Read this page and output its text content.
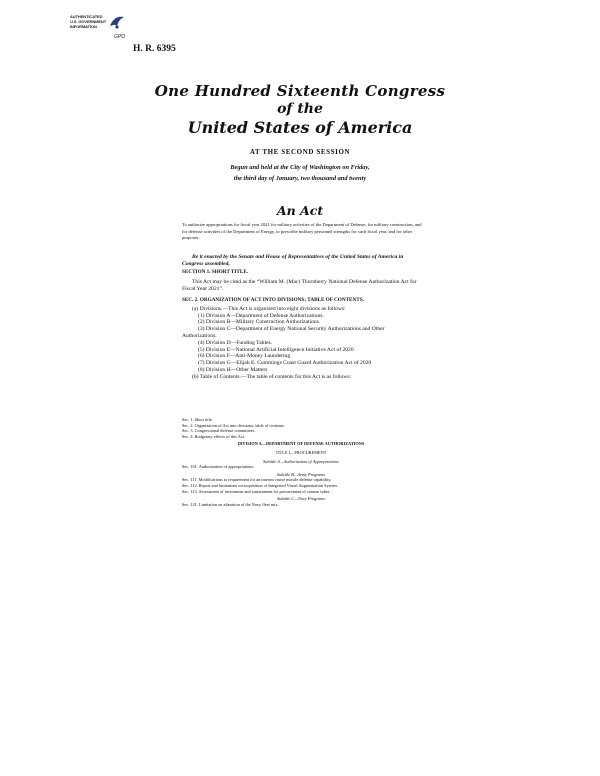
AUTHENTICATED
U.S. GOVERNMENT
INFORMATION
GPO
H. R. 6395
One Hundred Sixteenth Congress
of the
United States of America
AT THE SECOND SESSION
Begun and held at the City of Washington on Friday,
the third day of January, two thousand and twenty
An Act
To authorize appropriations for fiscal year 2021 for military activities of the Department of Defense, for military construction, and for defense activities of the Department of Energy, to prescribe military personnel strengths for such fiscal year, and for other purposes.
Be it enacted by the Senate and House of Representatives of the United States of America in Congress assembled,
SECTION 1. SHORT TITLE.
This Act may be cited as the “William M. (Mac) Thornberry National Defense Authorization Act for Fiscal Year 2021”.
SEC. 2. ORGANIZATION OF ACT INTO DIVISIONS; TABLE OF CONTENTS.
(a) Divisions.—This Act is organized into eight divisions as follows:
(1) Division A—Department of Defense Authorizations.
(2) Division B—Military Construction Authorizations.
(3) Division C—Department of Energy National Security Authorizations and Other Authorizations.
(4) Division D—Funding Tables.
(5) Division E—National Artificial Intelligence Initiative Act of 2020
(6) Division F—Anti-Money Laundering
(7) Division G—Elijah E. Cummings Coast Guard Authorization Act of 2020
(8) Division H—Other Matters
(b) Table of Contents.—The table of contents for this Act is as follows:
Sec. 1. Short title.
Sec. 2. Organization of Act into divisions; table of contents.
Sec. 3. Congressional defense committees.
Sec. 4. Budgetary effects of this Act.
DIVISION A—DEPARTMENT OF DEFENSE AUTHORIZATIONS
TITLE I—PROCUREMENT
Subtitle A—Authorization of Appropriations
Sec. 101. Authorization of appropriations.
Subtitle B—Army Programs
Sec. 111. Modifications to requirement for an interim cruise missile defense capability.
Sec. 112. Report and limitations on acquisition of Integrated Visual Augmentation System.
Sec. 113. Assessment of investment and sustainment for procurement of cannon tubes.
Subtitle C—Navy Programs
Sec. 121. Limitation on alteration of the Navy fleet mix.
